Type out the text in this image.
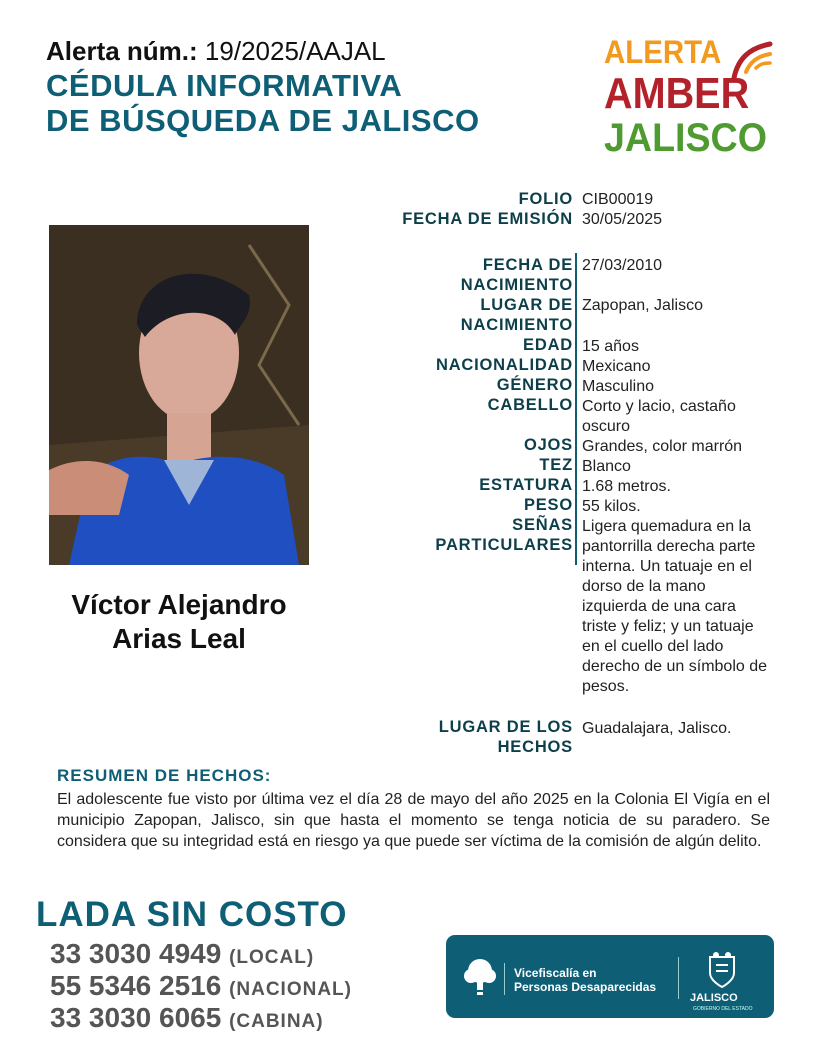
Alerta núm.: 19/2025/AAJAL
CÉDULA INFORMATIVA
DE BÚSQUEDA DE JALISCO
ALERTA
AMBER
JALISCO
Víctor Alejandro
Arias Leal
FOLIO CIB00019
FECHA DE EMISIÓN 30/05/2025
FECHA DE
NACIMIENTO
27/03/2010
LUGAR DE
NACIMIENTO
Zapopan, Jalisco
EDAD 15 años
NACIONALIDAD Mexicano
GÉNERO Masculino
CABELLO Corto y lacio, castaño
oscuro
OJOS Grandes, color marrón
TEZ Blanco
ESTATURA 1.68 metros.
PESO 55 kilos.
SEÑAS
PARTICULARES
Ligera quemadura en la
pantorrilla derecha parte
interna. Un tatuaje en el
dorso de la mano
izquierda de una cara
triste y feliz; y un tatuaje
en el cuello del lado
derecho de un símbolo de
pesos.
LUGAR DE LOS
HECHOS
Guadalajara, Jalisco.
RESUMEN DE HECHOS:
El adolescente fue visto por última vez el día 28 de mayo del año 2025 en la Colonia El Vigía en el municipio Zapopan, Jalisco, sin que hasta el momento se tenga noticia de su paradero. Se considera que su integridad está en riesgo ya que puede ser víctima de la comisión de algún delito.
LADA SIN COSTO
33 3030 4949 (LOCAL)
55 5346 2516 (NACIONAL)
33 3030 6065 (CABINA)
Vicefiscalía en
Personas Desaparecidas
JALISCO
GOBIERNO DEL ESTADO
